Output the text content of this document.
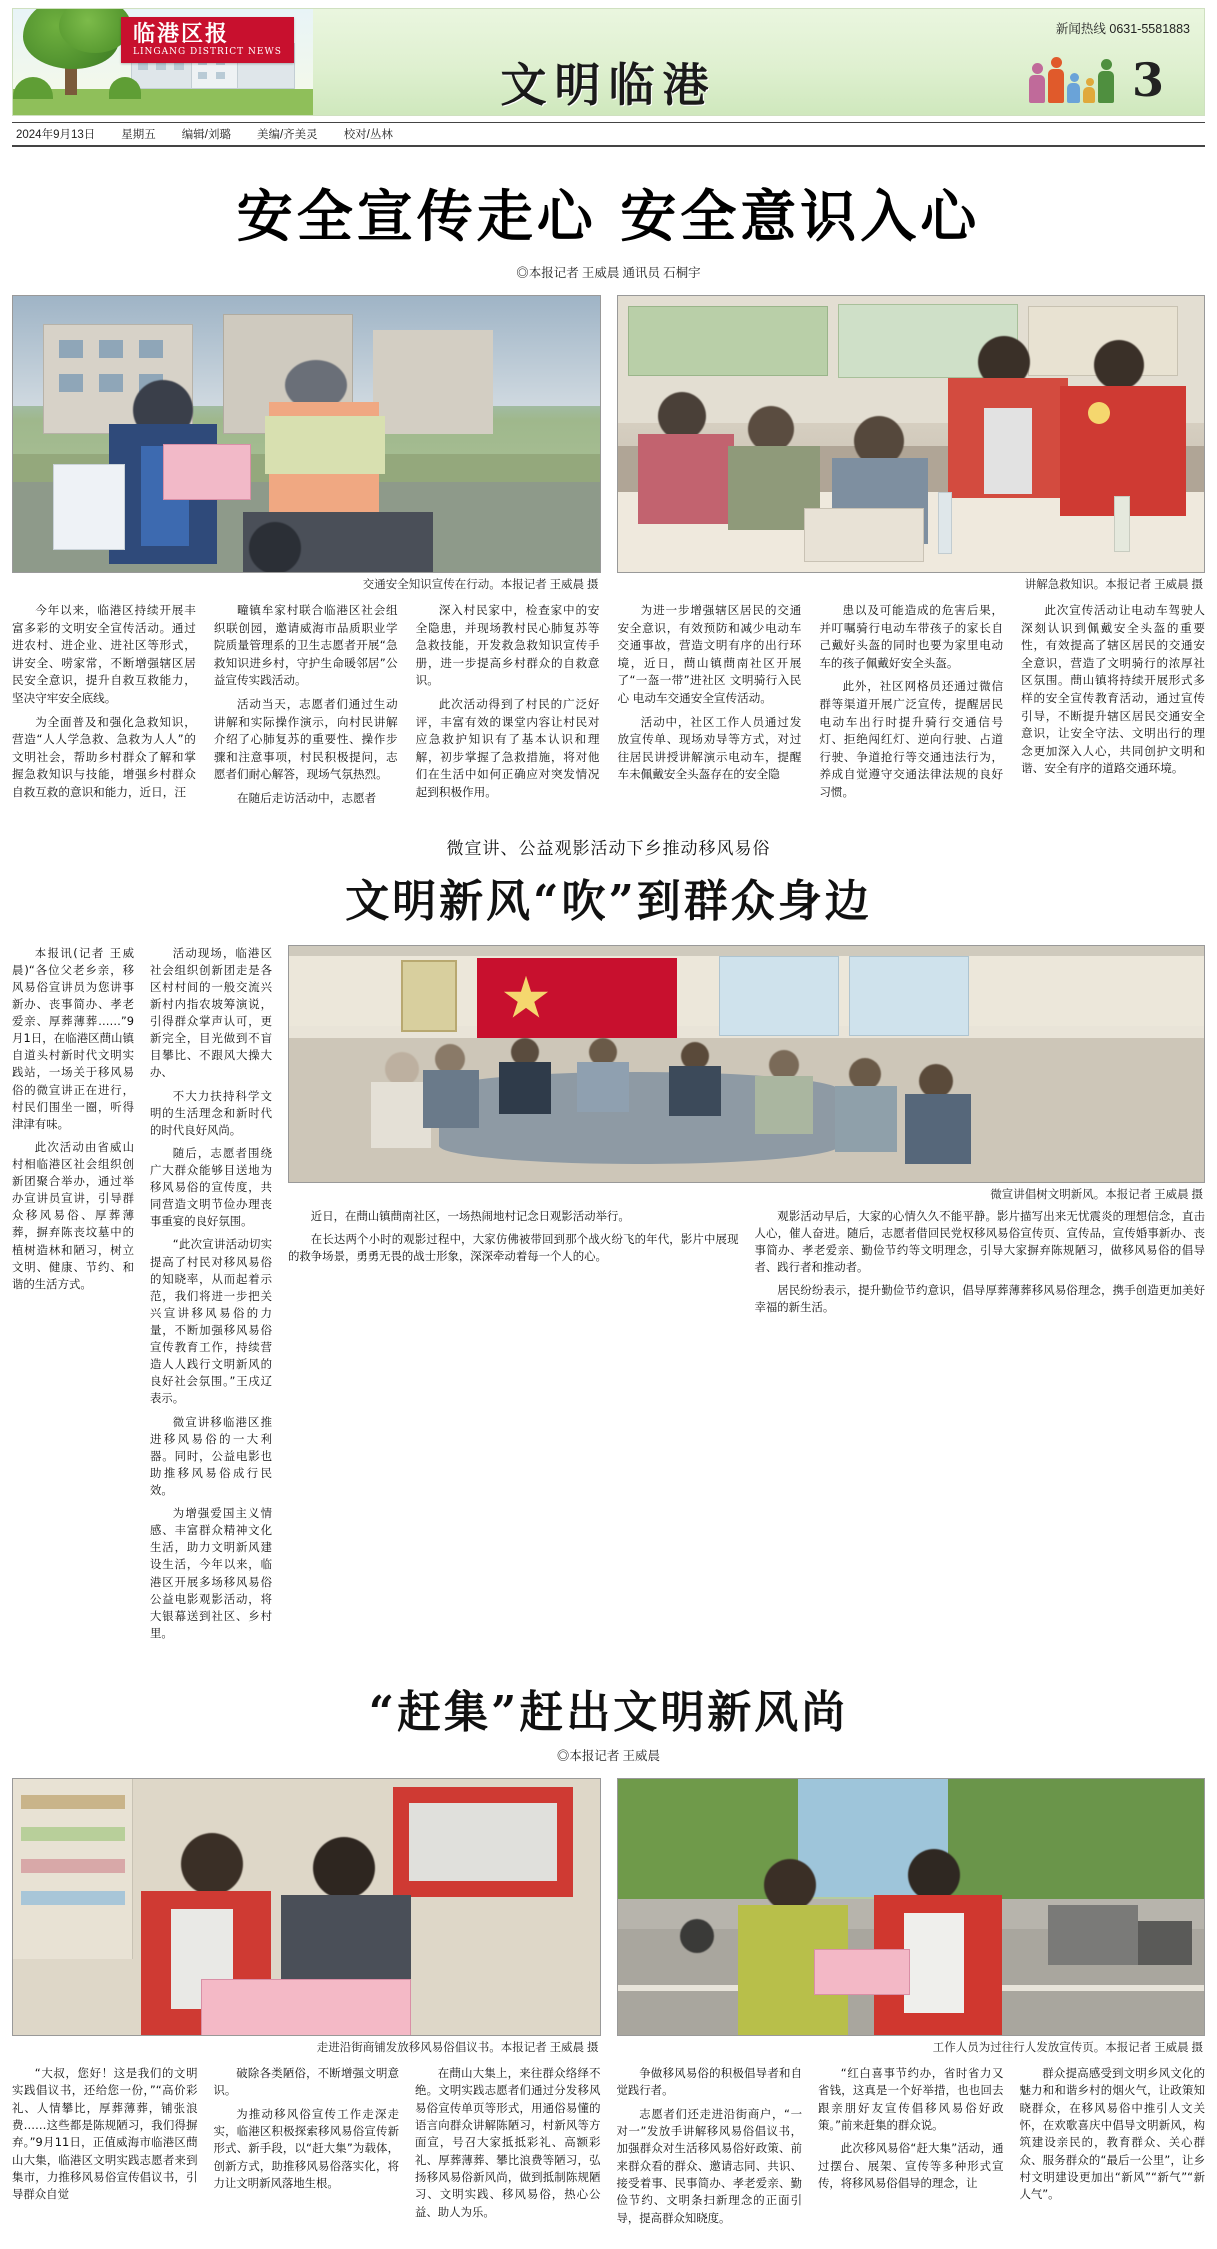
临港区报
LINGANG DISTRICT NEWS
新闻热线 0631-5581883
文明临港	3
2024年9月13日 星期五 编辑/刘璐 美编/齐美灵 校对/丛林
安全宣传走心 安全意识入心
◎本报记者 王威晨 通讯员 石桐宇
交通安全知识宣传在行动。本报记者 王威晨 摄	讲解急救知识。本报记者 王威晨 摄

今年以来，临港区持续开展丰富多彩的文明安全宣传活动。通过进农村、进企业、进社区等形式，讲安全、唠家常，不断增强辖区居民安全意识，提升自救互救能力，坚决守牢安全底线。

为全面普及和强化急救知识，营造“人人学急救、急救为人人”的文明社会，帮助乡村群众了解和掌握急救知识与技能，增强乡村群众自救互救的意识和能力，近日，汪

疃镇牟家村联合临港区社会组织联创园，邀请威海市品质职业学院质量管理系的卫生志愿者开展“急救知识进乡村，守护生命暖邻居”公益宣传实践活动。

活动当天，志愿者们通过生动讲解和实际操作演示，向村民讲解介绍了心肺复苏的重要性、操作步骤和注意事项，村民积极提问，志愿者们耐心解答，现场气氛热烈。

在随后走访活动中，志愿者

深入村民家中，检查家中的安全隐患，并现场教村民心肺复苏等急救技能，开发救急救知识宣传手册，进一步提高乡村群众的自救意识。

此次活动得到了村民的广泛好评，丰富有效的课堂内容让村民对应急救护知识有了基本认识和理解，初步掌握了急救措施，将对他们在生活中如何正确应对突发情况起到积极作用。

为进一步增强辖区居民的交通安全意识，有效预防和减少电动车交通事故，营造文明有序的出行环境，近日，蔄山镇蔄南社区开展了“一盔一带”进社区 文明骑行入民心 电动车交通安全宣传活动。

活动中，社区工作人员通过发放宣传单、现场劝导等方式，对过往居民讲授讲解演示电动车，提醒车未佩戴安全头盔存在的安全隐

患以及可能造成的危害后果，并叮嘱骑行电动车带孩子的家长自己戴好头盔的同时也要为家里电动车的孩子佩戴好安全头盔。

此外，社区网格员还通过微信群等渠道开展广泛宣传，提醒居民电动车出行时提升骑行交通信号灯、拒绝闯红灯、逆向行驶、占道行驶、争道抢行等交通违法行为，养成自觉遵守交通法律法规的良好习惯。

此次宣传活动让电动车驾驶人深刻认识到佩戴安全头盔的重要性，有效提高了辖区居民的交通安全意识，营造了文明骑行的浓厚社区氛围。蔄山镇将持续开展形式多样的安全宣传教育活动，通过宣传引导，不断提升辖区居民交通安全意识，让安全守法、文明出行的理念更加深入人心，共同创护文明和谐、安全有序的道路交通环境。

微宣讲、公益观影活动下乡推动移风易俗
文明新风“吹”到群众身边

本报讯(记者 王威晨)“各位父老乡亲，移风易俗宣讲员为您讲事新办、丧事简办、孝老爱亲、厚葬薄葬……”9月1日，在临港区蔄山镇自道头村新时代文明实践站，一场关于移风易俗的微宣讲正在进行，村民们围坐一圈，听得津津有味。

此次活动由省威山村相临港区社会组织创新团聚合举办，通过举办宣讲员宣讲，引导群众移风易俗、厚葬薄葬，摒弃陈丧坟墓中的植树造林和陋习，树立文明、健康、节约、和谐的生活方式。

活动现场，临港区社会组织创新团走是各区村村间的一般交流兴新村内指农坡筹演说，引得群众掌声认可，更新完全，目光做到不盲目攀比、不跟风大操大办、

不大力扶持科学文明的生活理念和新时代的时代良好风尚。

随后，志愿者围绕广大群众能够目送地为移风易俗的宣传度，共同营造文明节俭办理丧事重宴的良好氛围。

“此次宣讲活动切实提高了村民对移风易俗的知晓率，从而起着示范，我们将进一步把关兴宣讲移风易俗的力量，不断加强移风易俗宣传教育工作，持续营造人人践行文明新风的良好社会氛围。”王戌辽表示。

微宣讲移临港区推进移风易俗的一大利器。同时，公益电影也助推移风易俗成行民效。

为增强爱国主义情感、丰富群众精神文化生活，助力文明新风建设生活，今年以来，临港区开展多场移风易俗公益电影观影活动，将大银幕送到社区、乡村里。

微宣讲倡树文明新风。本报记者 王威晨 摄

近日，在蔄山镇蔄南社区，一场热闹地村记念日观影活动举行。

在长达两个小时的观影过程中，大家仿佛被带回到那个战火纷飞的年代，影片中展现的救争场景，勇勇无畏的战士形象，深深牵动着每一个人的心。

观影活动早后，大家的心情久久不能平静。影片描写出来无忧震炎的理想信念，直击人心，催人奋进。随后，志愿者借回民党权移风易俗宣传页、宣传品，宣传婚事新办、丧事简办、孝老爱亲、勤俭节约等文明理念，引导大家摒弃陈规陋习，做移风易俗的倡导者、践行者和推动者。

居民纷纷表示，提升勤俭节约意识，倡导厚葬薄葬移风易俗理念，携手创造更加美好幸福的新生活。

“赶集”赶出文明新风尚
◎本报记者 王威晨
走进沿街商铺发放移风易俗倡议书。本报记者 王威晨 摄	工作人员为过往行人发放宣传页。本报记者 王威晨 摄

“大叔，您好！这是我们的文明实践倡议书，还给您一份，”“高价彩礼、人情攀比，厚葬薄葬，铺张浪费……这些都是陈规陋习，我们得摒弃。”9月11日，正值威海市临港区蔄山大集，临港区文明实践志愿者来到集市，力推移风易俗宣传倡议书，引导群众自觉

破除各类陋俗，不断增强文明意识。

为推动移风俗宣传工作走深走实，临港区积极探索移风易俗宣传新形式、新手段，以“赶大集”为载体，创新方式，助推移风易俗落实化，将力让文明新风落地生根。

在蔄山大集上，来往群众络绎不绝。文明实践志愿者们通过分发移风易俗宣传单页等形式，用通俗易懂的语言向群众讲解陈陋习，村新风等方面宣，号召大家抵抵彩礼、高额彩礼、厚葬薄葬、攀比浪费等陋习，弘扬移风易俗新风尚，做到抵制陈规陋习、文明实践、移风易俗，热心公益、助人为乐。

争做移风易俗的积极倡导者和自觉践行者。

志愿者们还走进沿街商户，“一对一”发放手讲解移风易俗倡议书，加强群众对生活移风易俗好政策、前来群众看的群众、邀请志同、共识、接受着事、民事简办、孝老爱亲、勤俭节约、文明条扫新理念的正面引导，提高群众知晓度。

“红白喜事节约办，省时省力又省钱，这真是一个好举措，也也回去跟亲朋好友宣传倡移风易俗好政策。”前来赶集的群众说。

此次移风易俗“赶大集”活动，通过摆台、展架、宣传等多种形式宣传，将移风易俗倡导的理念，让

群众提高感受到文明乡风文化的魅力和和谐乡村的烟火气，让政策知晓群众，在移风易俗中推引人文关怀，在欢歌喜庆中倡导文明新风，构筑建设亲民的，教育群众、关心群众、服务群众的“最后一公里”，让乡村文明建设更加出“新风”“新气”“新人气”。
